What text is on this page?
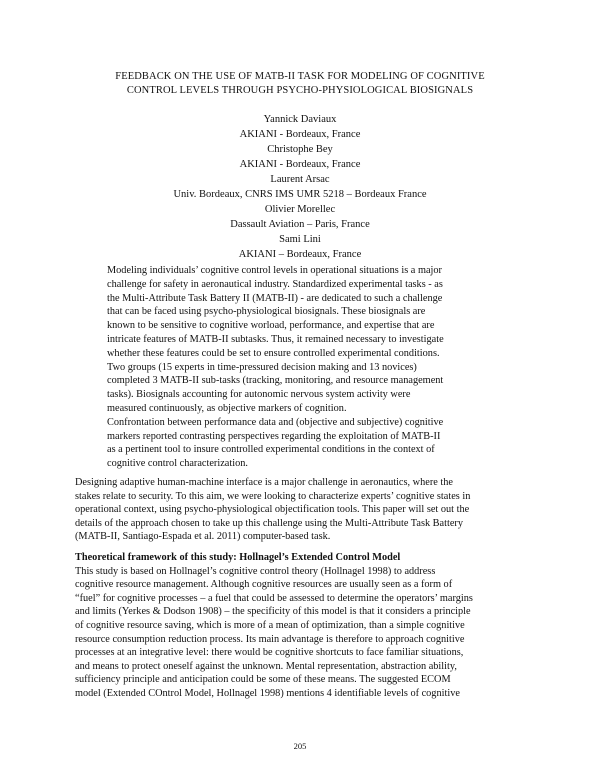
FEEDBACK ON THE USE OF MATB-II TASK FOR MODELING OF COGNITIVE
CONTROL LEVELS THROUGH PSYCHO-PHYSIOLOGICAL BIOSIGNALS
Yannick Daviaux
AKIANI - Bordeaux, France
Christophe Bey
AKIANI - Bordeaux, France
Laurent Arsac
Univ. Bordeaux, CNRS IMS UMR 5218 – Bordeaux France
Olivier Morellec
Dassault Aviation – Paris, France
Sami Lini
AKIANI – Bordeaux, France

Modeling individuals’ cognitive control levels in operational situations is a major

challenge for safety in aeronautical industry. Standardized experimental tasks - as

the Multi-Attribute Task Battery II (MATB-II) - are dedicated to such a challenge

that can be faced using psycho-physiological biosignals. These biosignals are

known to be sensitive to cognitive worload, performance, and expertise that are

intricate features of MATB-II subtasks. Thus, it remained necessary to investigate

whether these features could be set to ensure controlled experimental conditions.

Two groups (15 experts in time-pressured decision making and 13 novices)

completed 3 MATB-II sub-tasks (tracking, monitoring, and resource management

tasks). Biosignals accounting for autonomic nervous system activity were

measured continuously, as objective markers of cognition.

Confrontation between performance data and (objective and subjective) cognitive

markers reported contrasting perspectives regarding the exploitation of MATB-II

as a pertinent tool to insure controlled experimental conditions in the context of

cognitive control characterization.

Designing adaptive human-machine interface is a major challenge in aeronautics, where the

stakes relate to security. To this aim, we were looking to characterize experts’ cognitive states in

operational context, using psycho-physiological objectification tools. This paper will set out the

details of the approach chosen to take up this challenge using the Multi-Attribute Task Battery

(MATB-II, Santiago-Espada et al. 2011) computer-based task.

Theoretical framework of this study: Hollnagel’s Extended Control Model

This study is based on Hollnagel’s cognitive control theory (Hollnagel 1998) to address

cognitive resource management. Although cognitive resources are usually seen as a form of

“fuel” for cognitive processes – a fuel that could be assessed to determine the operators’ margins

and limits (Yerkes & Dodson 1908) – the specificity of this model is that it considers a principle

of cognitive resource saving, which is more of a mean of optimization, than a simple cognitive

resource consumption reduction process. Its main advantage is therefore to approach cognitive

processes at an integrative level: there would be cognitive shortcuts to face familiar situations,

and means to protect oneself against the unknown. Mental representation, abstraction ability,

sufficiency principle and anticipation could be some of these means. The suggested ECOM

model (Extended COntrol Model, Hollnagel 1998) mentions 4 identifiable levels of cognitive

205
